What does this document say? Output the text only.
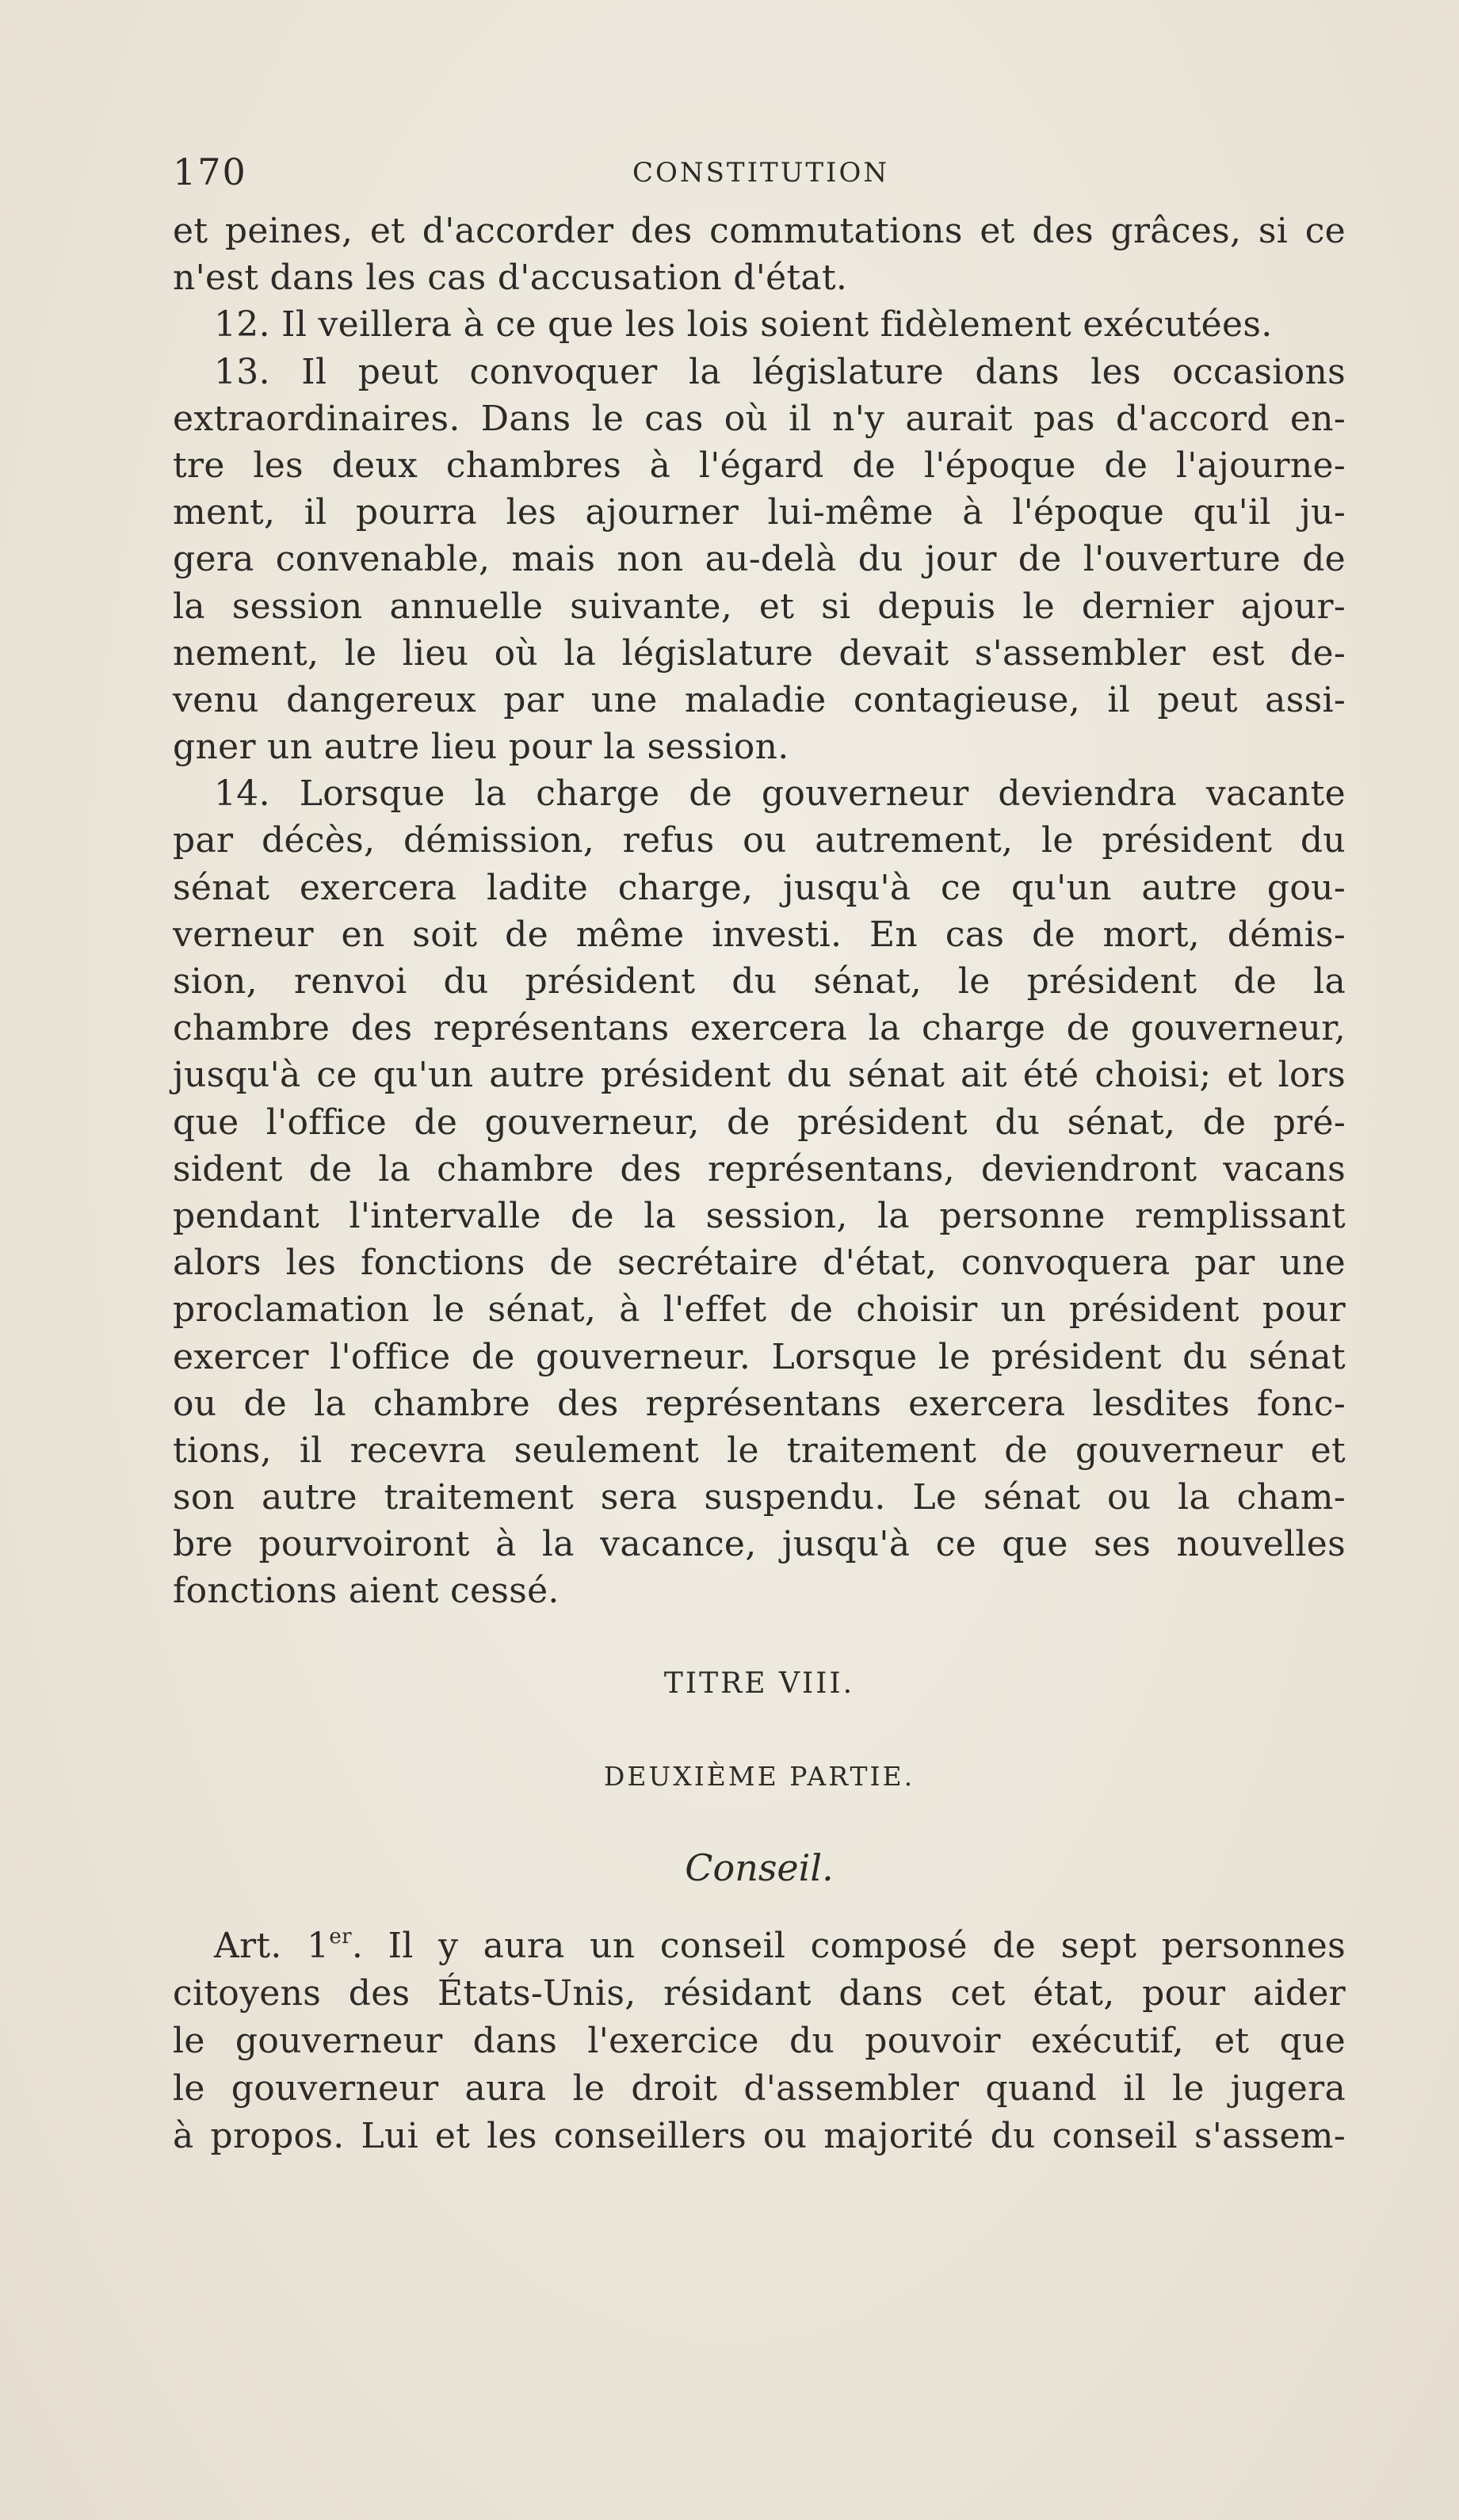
170	CONSTITUTION
et peines, et d'accorder des commutations et des grâces, si ce
n'est dans les cas d'accusation d'état.
12. Il veillera à ce que les lois soient fidèlement exécutées.
13. Il peut convoquer la législature dans les occasions
extraordinaires. Dans le cas où il n'y aurait pas d'accord en-
tre les deux chambres à l'égard de l'époque de l'ajourne-
ment, il pourra les ajourner lui-même à l'époque qu'il ju-
gera convenable, mais non au-delà du jour de l'ouverture de
la session annuelle suivante, et si depuis le dernier ajour-
nement, le lieu où la législature devait s'assembler est de-
venu dangereux par une maladie contagieuse, il peut assi-
gner un autre lieu pour la session.
14. Lorsque la charge de gouverneur deviendra vacante
par décès, démission, refus ou autrement, le président du
sénat exercera ladite charge, jusqu'à ce qu'un autre gou-
verneur en soit de même investi. En cas de mort, démis-
sion, renvoi du président du sénat, le président de la
chambre des représentans exercera la charge de gouverneur,
jusqu'à ce qu'un autre président du sénat ait été choisi; et lors
que l'office de gouverneur, de président du sénat, de pré-
sident de la chambre des représentans, deviendront vacans
pendant l'intervalle de la session, la personne remplissant
alors les fonctions de secrétaire d'état, convoquera par une
proclamation le sénat, à l'effet de choisir un président pour
exercer l'office de gouverneur. Lorsque le président du sénat
ou de la chambre des représentans exercera lesdites fonc-
tions, il recevra seulement le traitement de gouverneur et
son autre traitement sera suspendu. Le sénat ou la cham-
bre pourvoiront à la vacance, jusqu'à ce que ses nouvelles
fonctions aient cessé.
TITRE VIII.
DEUXIÈME PARTIE.
Conseil.
Art. 1er. Il y aura un conseil composé de sept personnes
citoyens des États-Unis, résidant dans cet état, pour aider
le gouverneur dans l'exercice du pouvoir exécutif, et que
le gouverneur aura le droit d'assembler quand il le jugera
à propos. Lui et les conseillers ou majorité du conseil s'assem-
